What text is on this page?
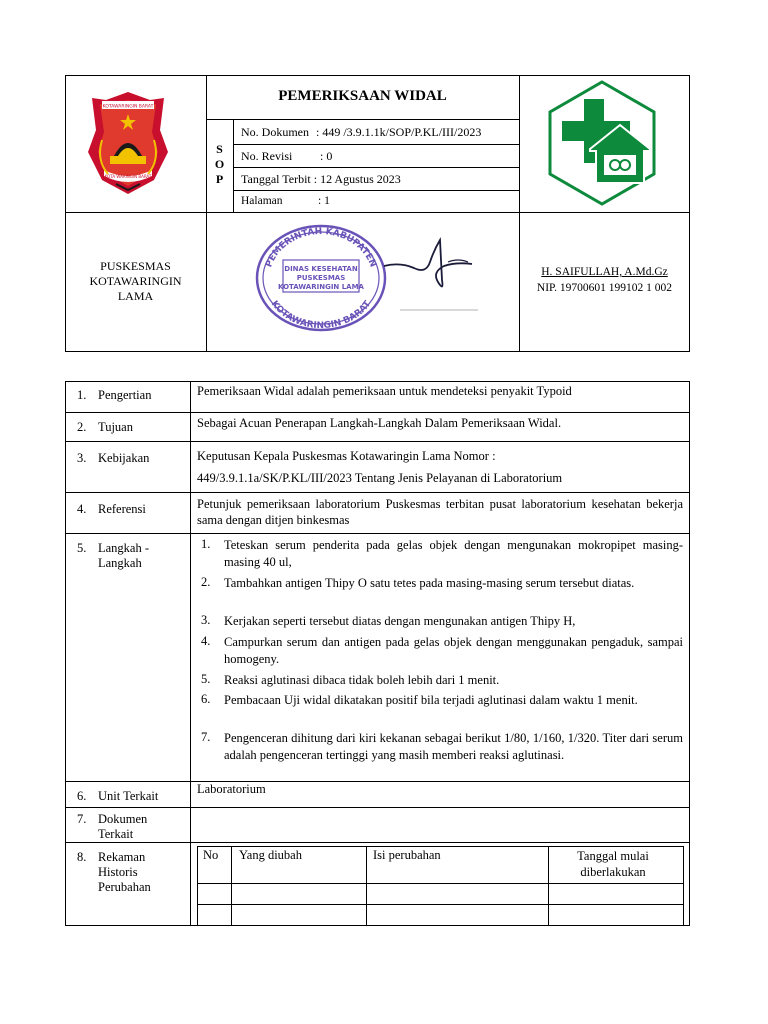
KOTAWARINGIN BARAT
KOTA WARINGIN BARAT
PEMERIKSAAN WIDAL
S
O
P
No. Dokumen : 449 /3.9.1.1k/SOP/P.KL/III/2023
No. Revisi : 0
Tanggal Terbit : 12 Agustus 2023
Halaman	: 1
PUSKESMAS
KOTAWARINGIN
LAMA
PEMERINTAH KABUPATEN
KOTAWARINGIN BARAT
DINAS KESEHATAN
PUSKESMAS
KOTAWARINGIN LAMA
H. SAIFULLAH, A.Md.Gz
NIP. 19700601 199102 1 002
1. Pengertian	Pemeriksaan Widal adalah pemeriksaan untuk mendeteksi penyakit Typoid
2. Tujuan	Sebagai Acuan Penerapan Langkah-Langkah Dalam Pemeriksaan Widal.
3. Kebijakan	Keputusan Kepala Puskesmas Kotawaringin Lama Nomor :
449/3.9.1.1a/SK/P.KL/III/2023 Tentang Jenis Pelayanan di Laboratorium
4. Referensi	Petunjuk pemeriksaan laboratorium Puskesmas terbitan pusat laboratorium kesehatan bekerja sama dengan ditjen binkesmas
5. Langkah -
Langkah
1. Teteskan serum penderita pada gelas objek dengan mengunakan mokropipet masing-masing 40 ul,
2. Tambahkan antigen Thipy O satu tetes pada masing-masing serum tersebut diatas.
3. Kerjakan seperti tersebut diatas dengan mengunakan antigen Thipy H,
4. Campurkan serum dan antigen pada gelas objek dengan menggunakan pengaduk, sampai homogeny.
5. Reaksi aglutinasi dibaca tidak boleh lebih dari 1 menit.
6. Pembacaan Uji widal dikatakan positif bila terjadi aglutinasi dalam waktu 1 menit.
7. Pengenceran dihitung dari kiri kekanan sebagai berikut 1/80, 1/160, 1/320. Titer dari serum adalah pengenceran tertinggi yang masih memberi reaksi aglutinasi.
6. Unit Terkait	Laboratorium
7. Dokumen
Terkait
8. Rekaman
Historis
Perubahan
No Yang diubah	Isi perubahan	Tanggal mulai diberlakukan
